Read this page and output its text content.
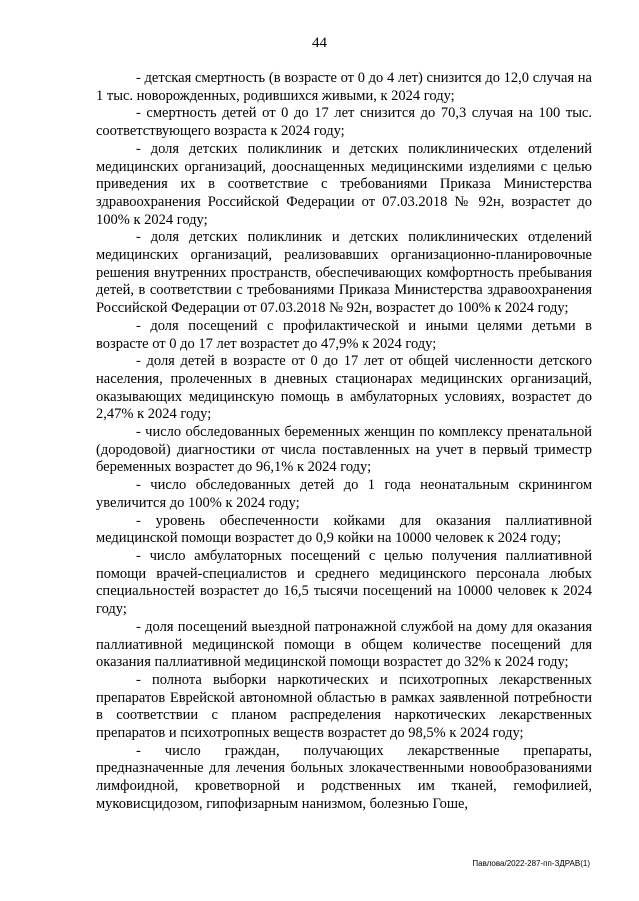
44

- детская смертность (в возрасте от 0 до 4 лет) снизится до 12,0 случая на 1 тыс. новорожденных, родившихся живыми, к 2024 году;

- смертность детей от 0 до 17 лет снизится до 70,3 случая на 100 тыс. соответствующего возраста к 2024 году;

- доля детских поликлиник и детских поликлинических отделений медицинских организаций, дооснащенных медицинскими изделиями с целью приведения их в соответствие с требованиями Приказа Министерства здравоохранения Российской Федерации от 07.03.2018 № 92н, возрастет до 100% к 2024 году;

- доля детских поликлиник и детских поликлинических отделений медицинских организаций, реализовавших организационно-планировочные решения внутренних пространств, обеспечивающих комфортность пребывания детей, в соответствии с требованиями Приказа Министерства здравоохранения Российской Федерации от 07.03.2018 № 92н, возрастет до 100% к 2024 году;

- доля посещений с профилактической и иными целями детьми в возрасте от 0 до 17 лет возрастет до 47,9% к 2024 году;

- доля детей в возрасте от 0 до 17 лет от общей численности детского населения, пролеченных в дневных стационарах медицинских организаций, оказывающих медицинскую помощь в амбулаторных условиях, возрастет до 2,47% к 2024 году;

- число обследованных беременных женщин по комплексу пренатальной (дородовой) диагностики от числа поставленных на учет в первый триместр беременных возрастет до 96,1% к 2024 году;

- число обследованных детей до 1 года неонатальным скринингом увеличится до 100% к 2024 году;

- уровень обеспеченности койками для оказания паллиативной медицинской помощи возрастет до 0,9 койки на 10000 человек к 2024 году;

- число амбулаторных посещений с целью получения паллиативной помощи врачей-специалистов и среднего медицинского персонала любых специальностей возрастет до 16,5 тысячи посещений на 10000 человек к 2024 году;

- доля посещений выездной патронажной службой на дому для оказания паллиативной медицинской помощи в общем количестве посещений для оказания паллиативной медицинской помощи возрастет до 32% к 2024 году;

- полнота выборки наркотических и психотропных лекарственных препаратов Еврейской автономной областью в рамках заявленной потребности в соответствии с планом распределения наркотических лекарственных препаратов и психотропных веществ возрастет до 98,5% к 2024 году;

- число граждан, получающих лекарственные препараты, предназначенные для лечения больных злокачественными новообразованиями лимфоидной, кроветворной и родственных им тканей, гемофилией, муковисцидозом, гипофизарным нанизмом, болезнью Гоше,

Павлова/2022-287-пп-ЗДРАВ(1)
